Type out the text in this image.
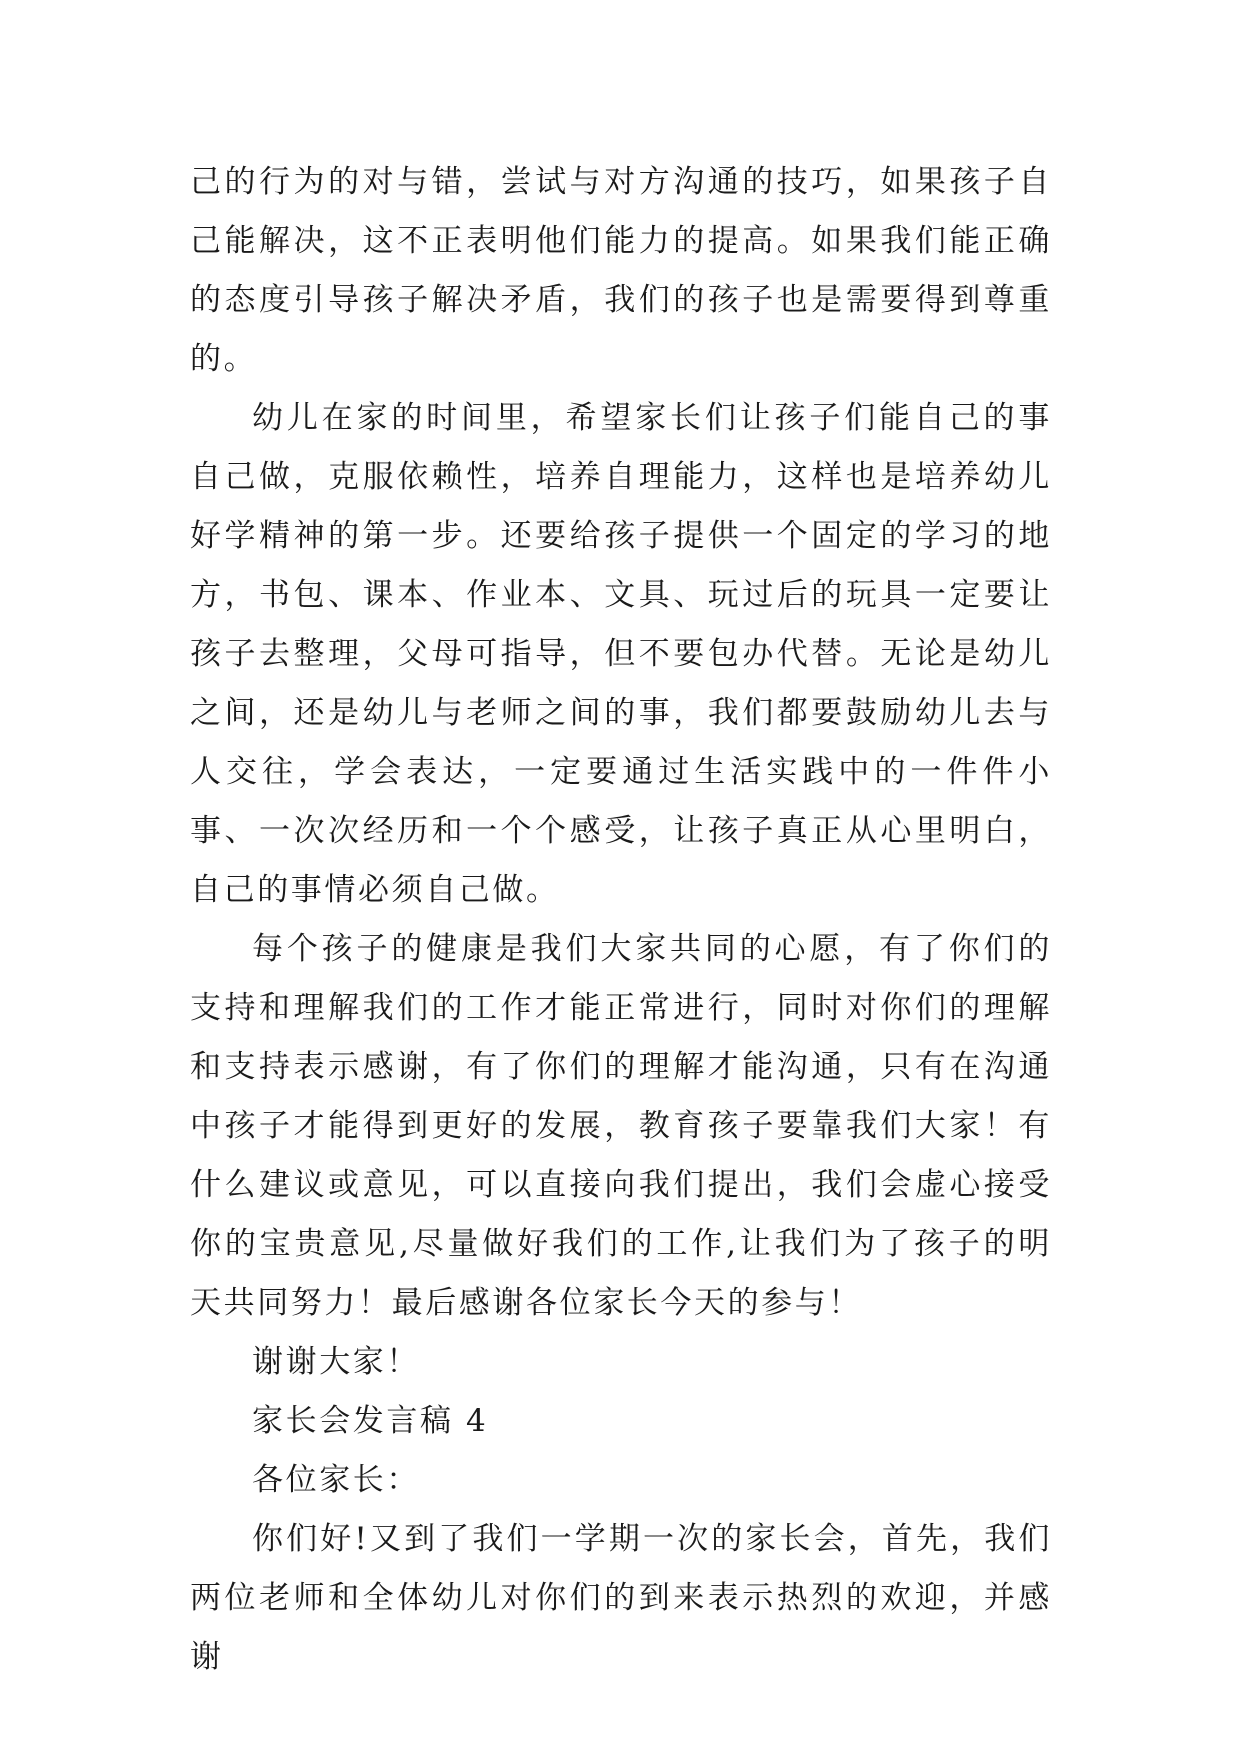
己的行为的对与错，尝试与对方沟通的技巧，如果孩子自己能解决，这不正表明他们能力的提高。如果我们能正确的态度引导孩子解决矛盾，我们的孩子也是需要得到尊重的。

幼儿在家的时间里，希望家长们让孩子们能自己的事自己做，克服依赖性，培养自理能力，这样也是培养幼儿好学精神的第一步。还要给孩子提供一个固定的学习的地方，书包、课本、作业本、文具、玩过后的玩具一定要让孩子去整理，父母可指导，但不要包办代替。无论是幼儿之间，还是幼儿与老师之间的事，我们都要鼓励幼儿去与人交往，学会表达，一定要通过生活实践中的一件件小事、一次次经历和一个个感受，让孩子真正从心里明白，自己的事情必须自己做。

每个孩子的健康是我们大家共同的心愿，有了你们的支持和理解我们的工作才能正常进行，同时对你们的理解和支持表示感谢，有了你们的理解才能沟通，只有在沟通中孩子才能得到更好的发展，教育孩子要靠我们大家！有什么建议或意见，可以直接向我们提出，我们会虚心接受你的宝贵意见,尽量做好我们的工作,让我们为了孩子的明天共同努力！最后感谢各位家长今天的参与！

谢谢大家！

家长会发言稿 4

各位家长：

你们好!又到了我们一学期一次的家长会，首先，我们两位老师和全体幼儿对你们的到来表示热烈的欢迎，并感谢
